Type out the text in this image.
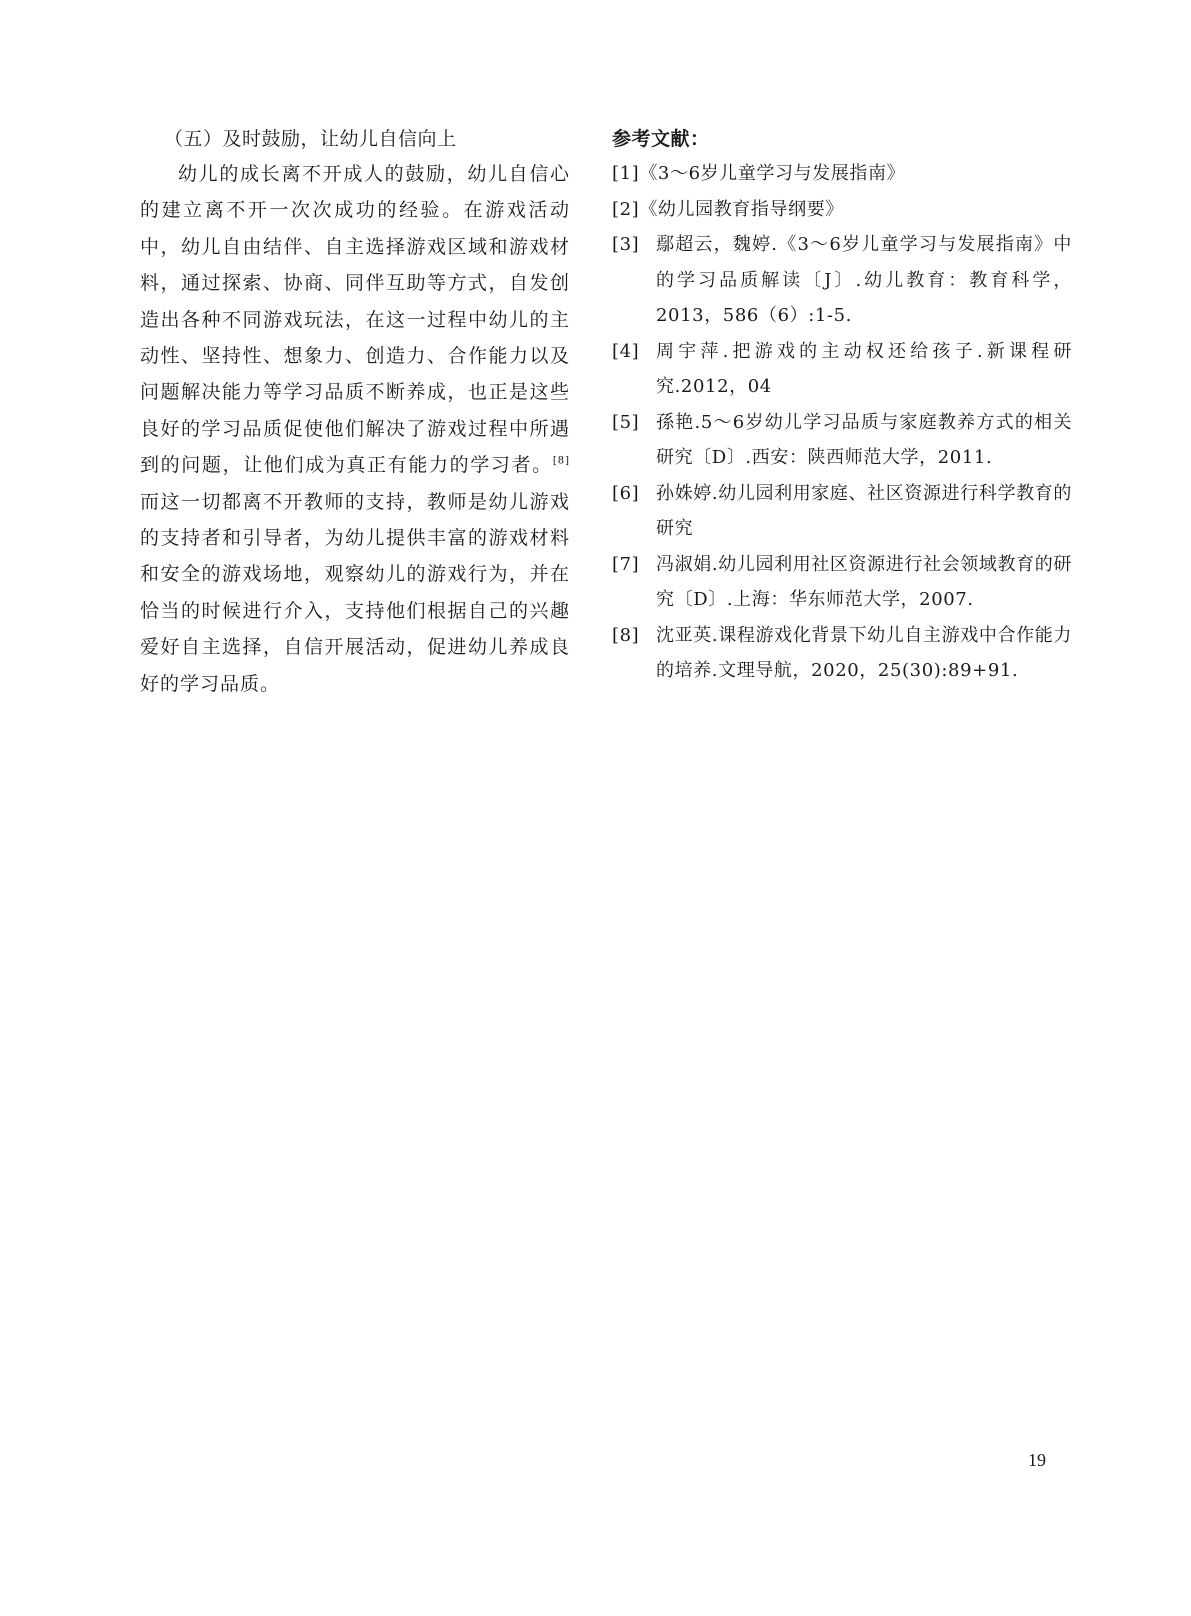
（五）及时鼓励，让幼儿自信向上

幼儿的成长离不开成人的鼓励，幼儿自信心的建立离不开一次次成功的经验。在游戏活动中，幼儿自由结伴、自主选择游戏区域和游戏材料，通过探索、协商、同伴互助等方式，自发创造出各种不同游戏玩法，在这一过程中幼儿的主动性、坚持性、想象力、创造力、合作能力以及问题解决能力等学习品质不断养成，也正是这些良好的学习品质促使他们解决了游戏过程中所遇到的问题，让他们成为真正有能力的学习者。[8]而这一切都离不开教师的支持，教师是幼儿游戏的支持者和引导者，为幼儿提供丰富的游戏材料和安全的游戏场地，观察幼儿的游戏行为，并在恰当的时候进行介入，支持他们根据自己的兴趣爱好自主选择，自信开展活动，促进幼儿养成良好的学习品质。

参考文献：

[1]《3～6岁儿童学习与发展指南》
[2]《幼儿园教育指导纲要》
[3] 鄢超云，魏婷.《3～6岁儿童学习与发展指南》中的学习品质解读〔J〕.幼儿教育：教育科学，2013，586（6）:1-5.
[4] 周宇萍.把游戏的主动权还给孩子.新课程研究.2012，04
[5] 孫艳.5～6岁幼儿学习品质与家庭教养方式的相关研究〔D〕.西安：陕西师范大学，2011.
[6] 孙姝婷.幼儿园利用家庭、社区资源进行科学教育的研究
[7] 冯淑娟.幼儿园利用社区资源进行社会领域教育的研究〔D〕.上海：华东师范大学，2007.
[8] 沈亚英.课程游戏化背景下幼儿自主游戏中合作能力的培养.文理导航，2020，25(30):89+91.
19
